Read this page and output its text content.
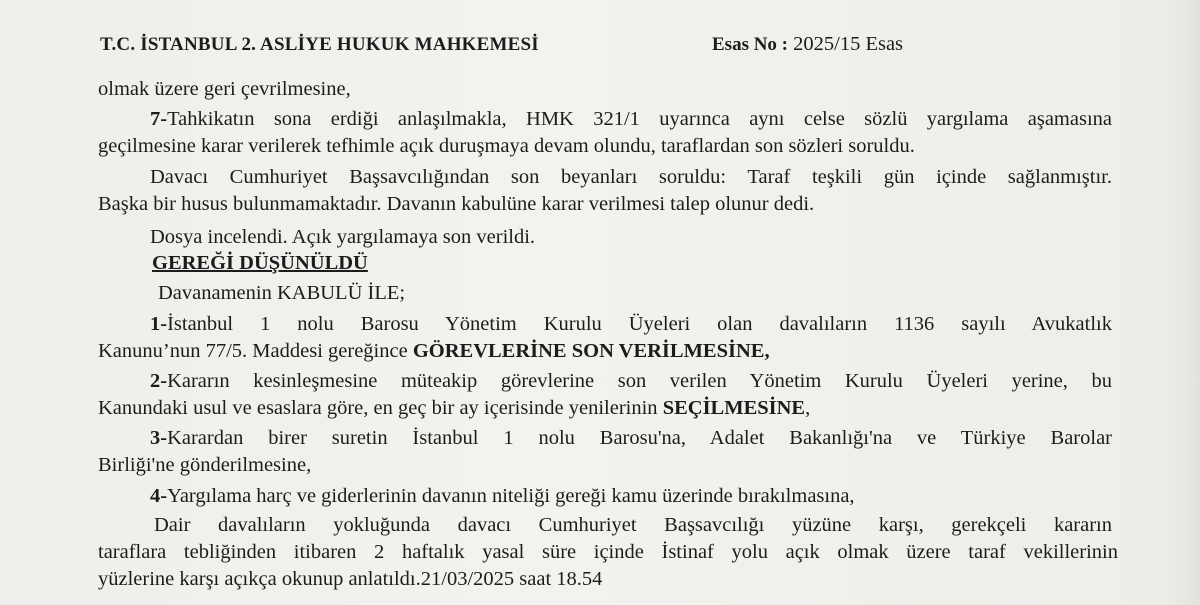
T.C. İSTANBUL 2. ASLİYE HUKUK MAHKEMESİ	Esas No : 2025/15 Esas
olmak üzere geri çevrilmesine,
7-Tahkikatın sona erdiği anlaşılmakla, HMK 321/1 uyarınca aynı celse sözlü yargılama aşamasına
geçilmesine karar verilerek tefhimle açık duruşmaya devam olundu, taraflardan son sözleri soruldu.
Davacı Cumhuriyet Başsavcılığından son beyanları soruldu: Taraf teşkili gün içinde sağlanmıştır.
Başka bir husus bulunmamaktadır. Davanın kabulüne karar verilmesi talep olunur dedi.
Dosya incelendi. Açık yargılamaya son verildi.
GEREĞİ DÜŞÜNÜLDÜ
Davanamenin KABULÜ İLE;
1-İstanbul 1 nolu Barosu Yönetim Kurulu Üyeleri olan davalıların 1136 sayılı Avukatlık
Kanunu’nun 77/5. Maddesi gereğince GÖREVLERİNE SON VERİLMESİNE,
2-Kararın kesinleşmesine müteakip görevlerine son verilen Yönetim Kurulu Üyeleri yerine, bu
Kanundaki usul ve esaslara göre, en geç bir ay içerisinde yenilerinin SEÇİLMESİNE,
3-Karardan birer suretin İstanbul 1 nolu Barosu'na, Adalet Bakanlığı'na ve Türkiye Barolar
Birliği'ne gönderilmesine,
4-Yargılama harç ve giderlerinin davanın niteliği gereği kamu üzerinde bırakılmasına,
Dair davalıların yokluğunda davacı Cumhuriyet Başsavcılığı yüzüne karşı, gerekçeli kararın
taraflara tebliğinden itibaren 2 haftalık yasal süre içinde İstinaf yolu açık olmak üzere taraf vekillerinin
yüzlerine karşı açıkça okunup anlatıldı.21/03/2025 saat 18.54
